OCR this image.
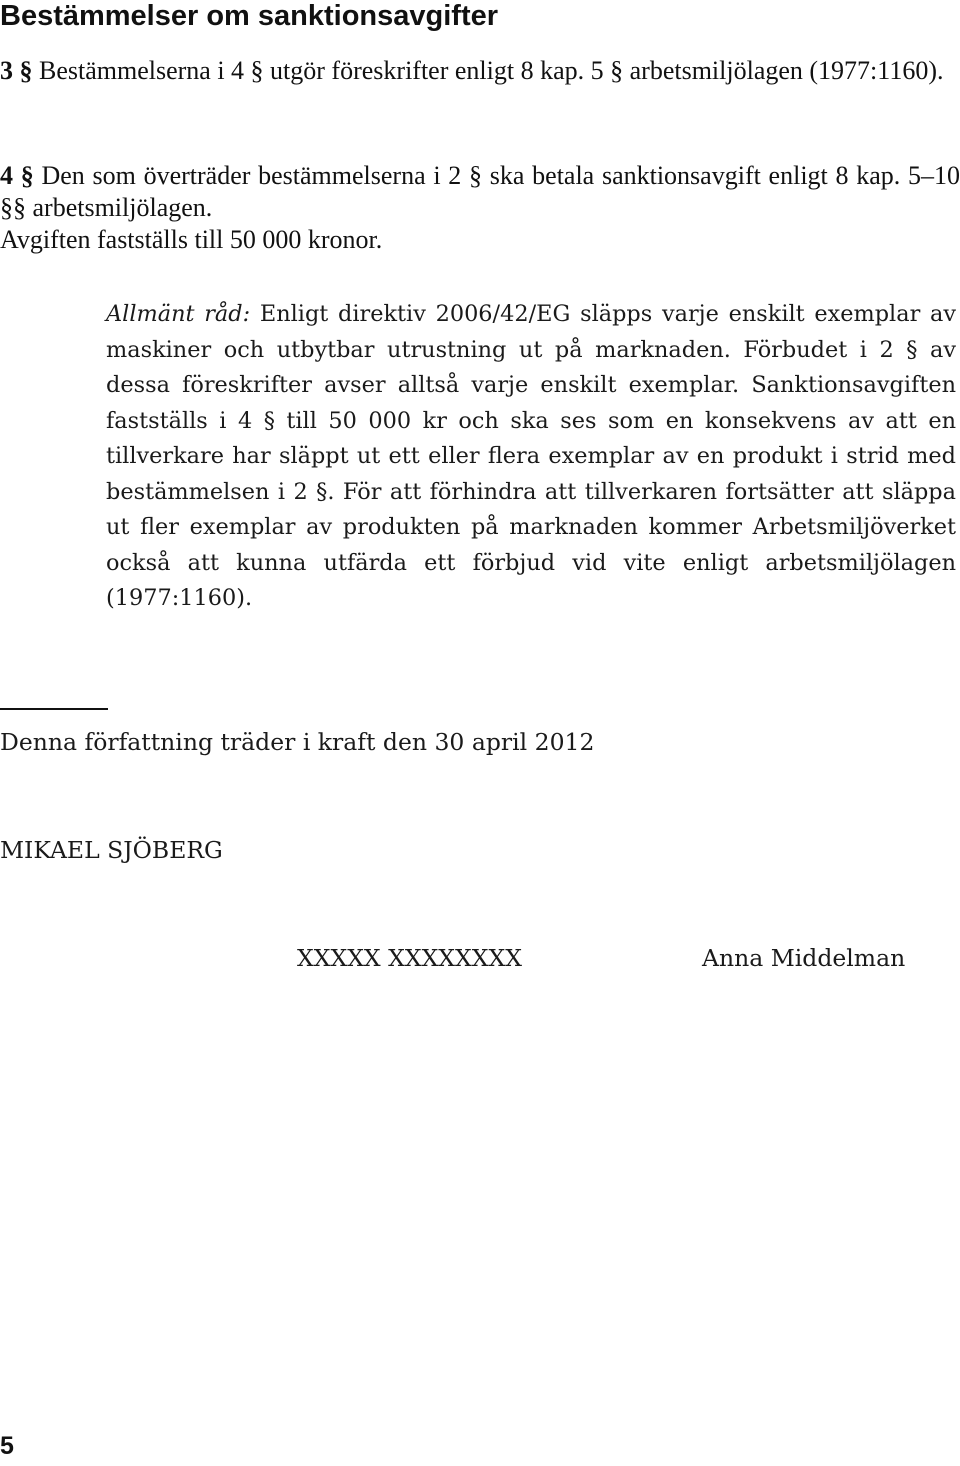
Bestämmelser om sanktionsavgifter

3 § Bestämmelserna i 4 § utgör föreskrifter enligt 8 kap. 5 § arbetsmiljölagen (1977:1160).

4 § Den som överträder bestämmelserna i 2 § ska betala sanktionsavgift enligt 8 kap. 5–10 §§ arbetsmiljölagen.
Avgiften fastställs till 50 000 kronor.

Allmänt råd: Enligt direktiv 2006/42/EG släpps varje enskilt exemplar av maskiner och utbytbar utrustning ut på marknaden. Förbudet i 2 § av dessa föreskrifter avser alltså varje enskilt exemplar. Sanktionsavgiften fastställs i 4 § till 50 000 kr och ska ses som en konsekvens av att en tillverkare har släppt ut ett eller flera exemplar av en produkt i strid med bestämmelsen i 2 §. För att förhindra att tillverkaren fortsätter att släppa ut fler exemplar av produkten på marknaden kommer Arbetsmiljöverket också att kunna utfärda ett förbjud vid vite enligt arbetsmiljölagen (1977:1160).

Denna författning träder i kraft den 30 april 2012

MIKAEL SJÖBERG

XXXXX XXXXXXXX	Anna Middelman

5
